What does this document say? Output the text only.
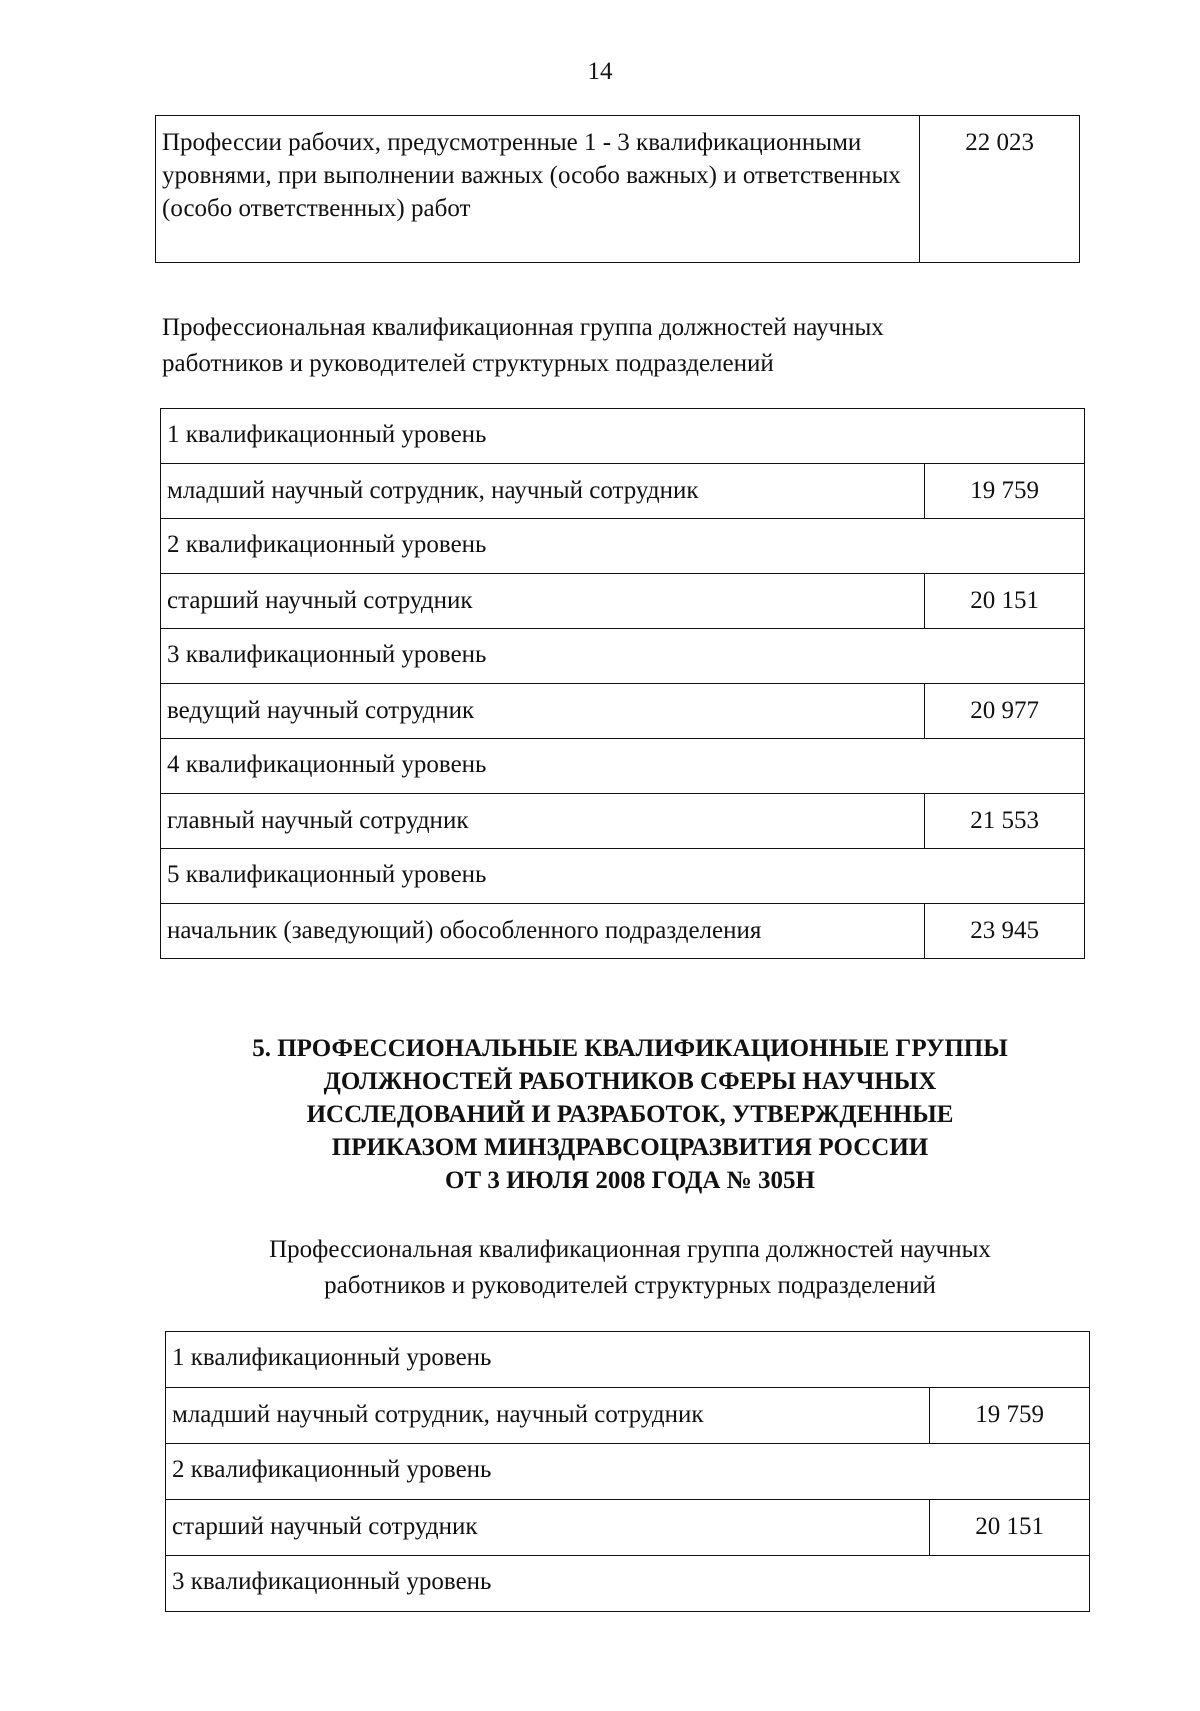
14
Профессии рабочих, предусмотренные 1 - 3 квалификационными уровнями, при выполнении важных (особо важных) и ответственных (особо ответственных) работ	22 023
Профессиональная квалификационная группа должностей научных
работников и руководителей структурных подразделений
1 квалификационный уровень	
младший научный сотрудник, научный сотрудник	19 759
2 квалификационный уровень	
старший научный сотрудник	20 151
3 квалификационный уровень	
ведущий научный сотрудник	20 977
4 квалификационный уровень	
главный научный сотрудник	21 553
5 квалификационный уровень	
начальник (заведующий) обособленного подразделения	23 945
5. ПРОФЕССИОНАЛЬНЫЕ КВАЛИФИКАЦИОННЫЕ ГРУППЫ
ДОЛЖНОСТЕЙ РАБОТНИКОВ СФЕРЫ НАУЧНЫХ
ИССЛЕДОВАНИЙ И РАЗРАБОТОК, УТВЕРЖДЕННЫЕ
ПРИКАЗОМ МИНЗДРАВСОЦРАЗВИТИЯ РОССИИ
ОТ 3 ИЮЛЯ 2008 ГОДА № 305Н
Профессиональная квалификационная группа должностей научных
работников и руководителей структурных подразделений
1 квалификационный уровень	
младший научный сотрудник, научный сотрудник	19 759
2 квалификационный уровень	
старший научный сотрудник	20 151
3 квалификационный уровень	
